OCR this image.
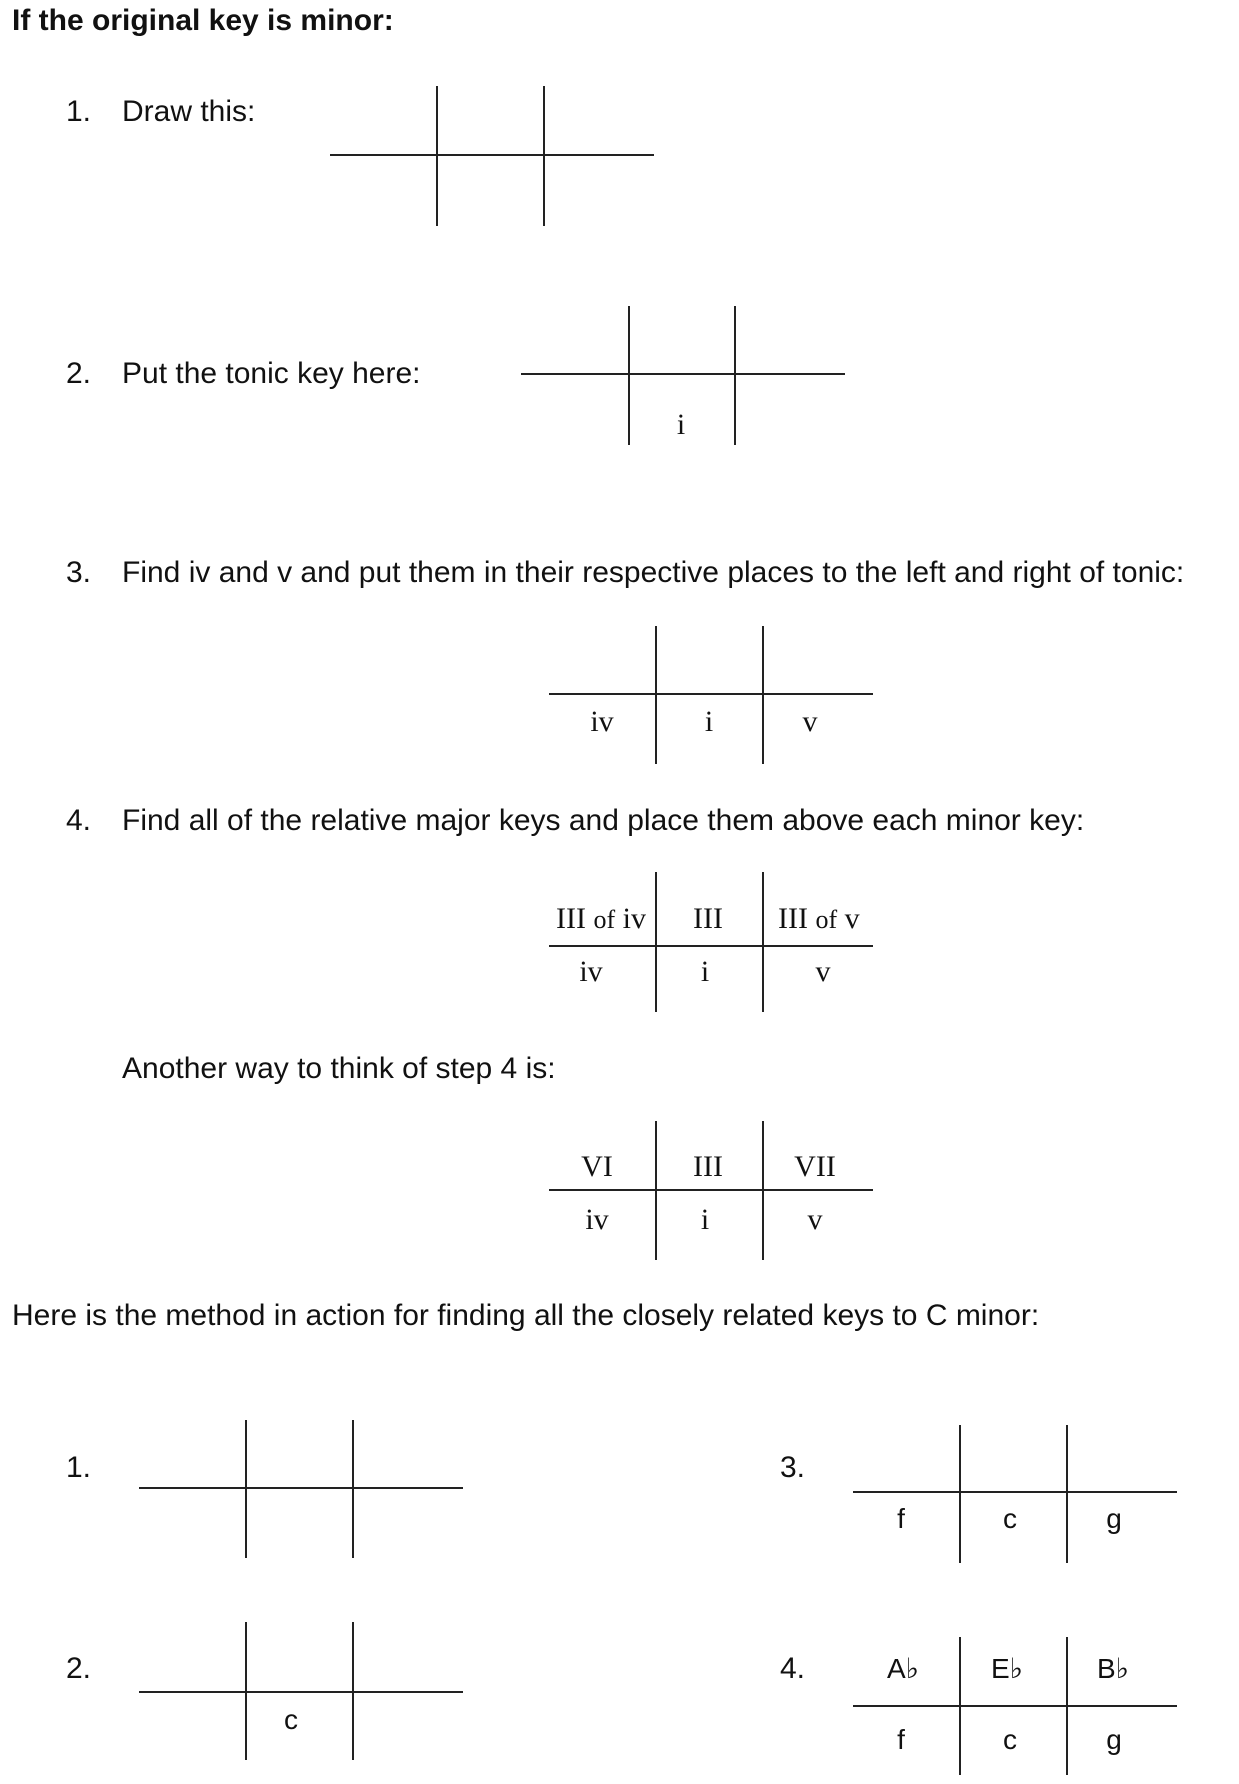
If the original key is minor:
1. Draw this:
2. Put the tonic key here:
i
3. Find iv and v and put them in their respective places to the left and right of tonic:
iv	i	v
4. Find all of the relative major keys and place them above each minor key:
III of iv	III	III of v
iv	i	v
Another way to think of step 4 is:
VI	III	VII
iv	i	v
Here is the method in action for finding all the closely related keys to C minor:
1.
2.
c
3.
f	c	g
4.	A♭	E♭	B♭
f	c	g
